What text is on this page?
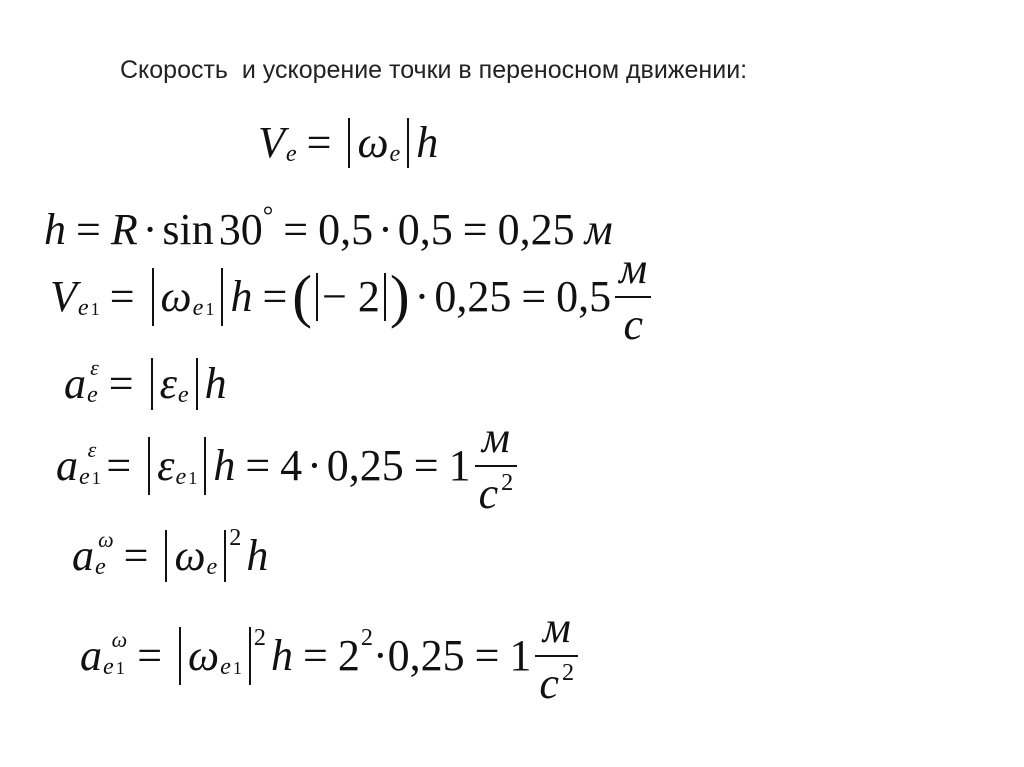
Скорость  и ускорение точки в переносном движении:
V e = ω e h
h = R · sin 30 ° = 0,5 · 0,5 = 0,25 м
V e 1 = ω e 1 h = ( − 2 ) · $0,25 = 0,5 \frac{м}{с}$
a e
ε = ε e h
a e 1
ε = ε e 1 $h = 4 \cdot 0,25 = 1 \frac{м}{с ^2}$
a e
ω = ω e
2 h
a e 1
ω = ω e 1
2 h = 2 $2 \cdot 0,25 = 1 \frac{м}{с ^2}$
